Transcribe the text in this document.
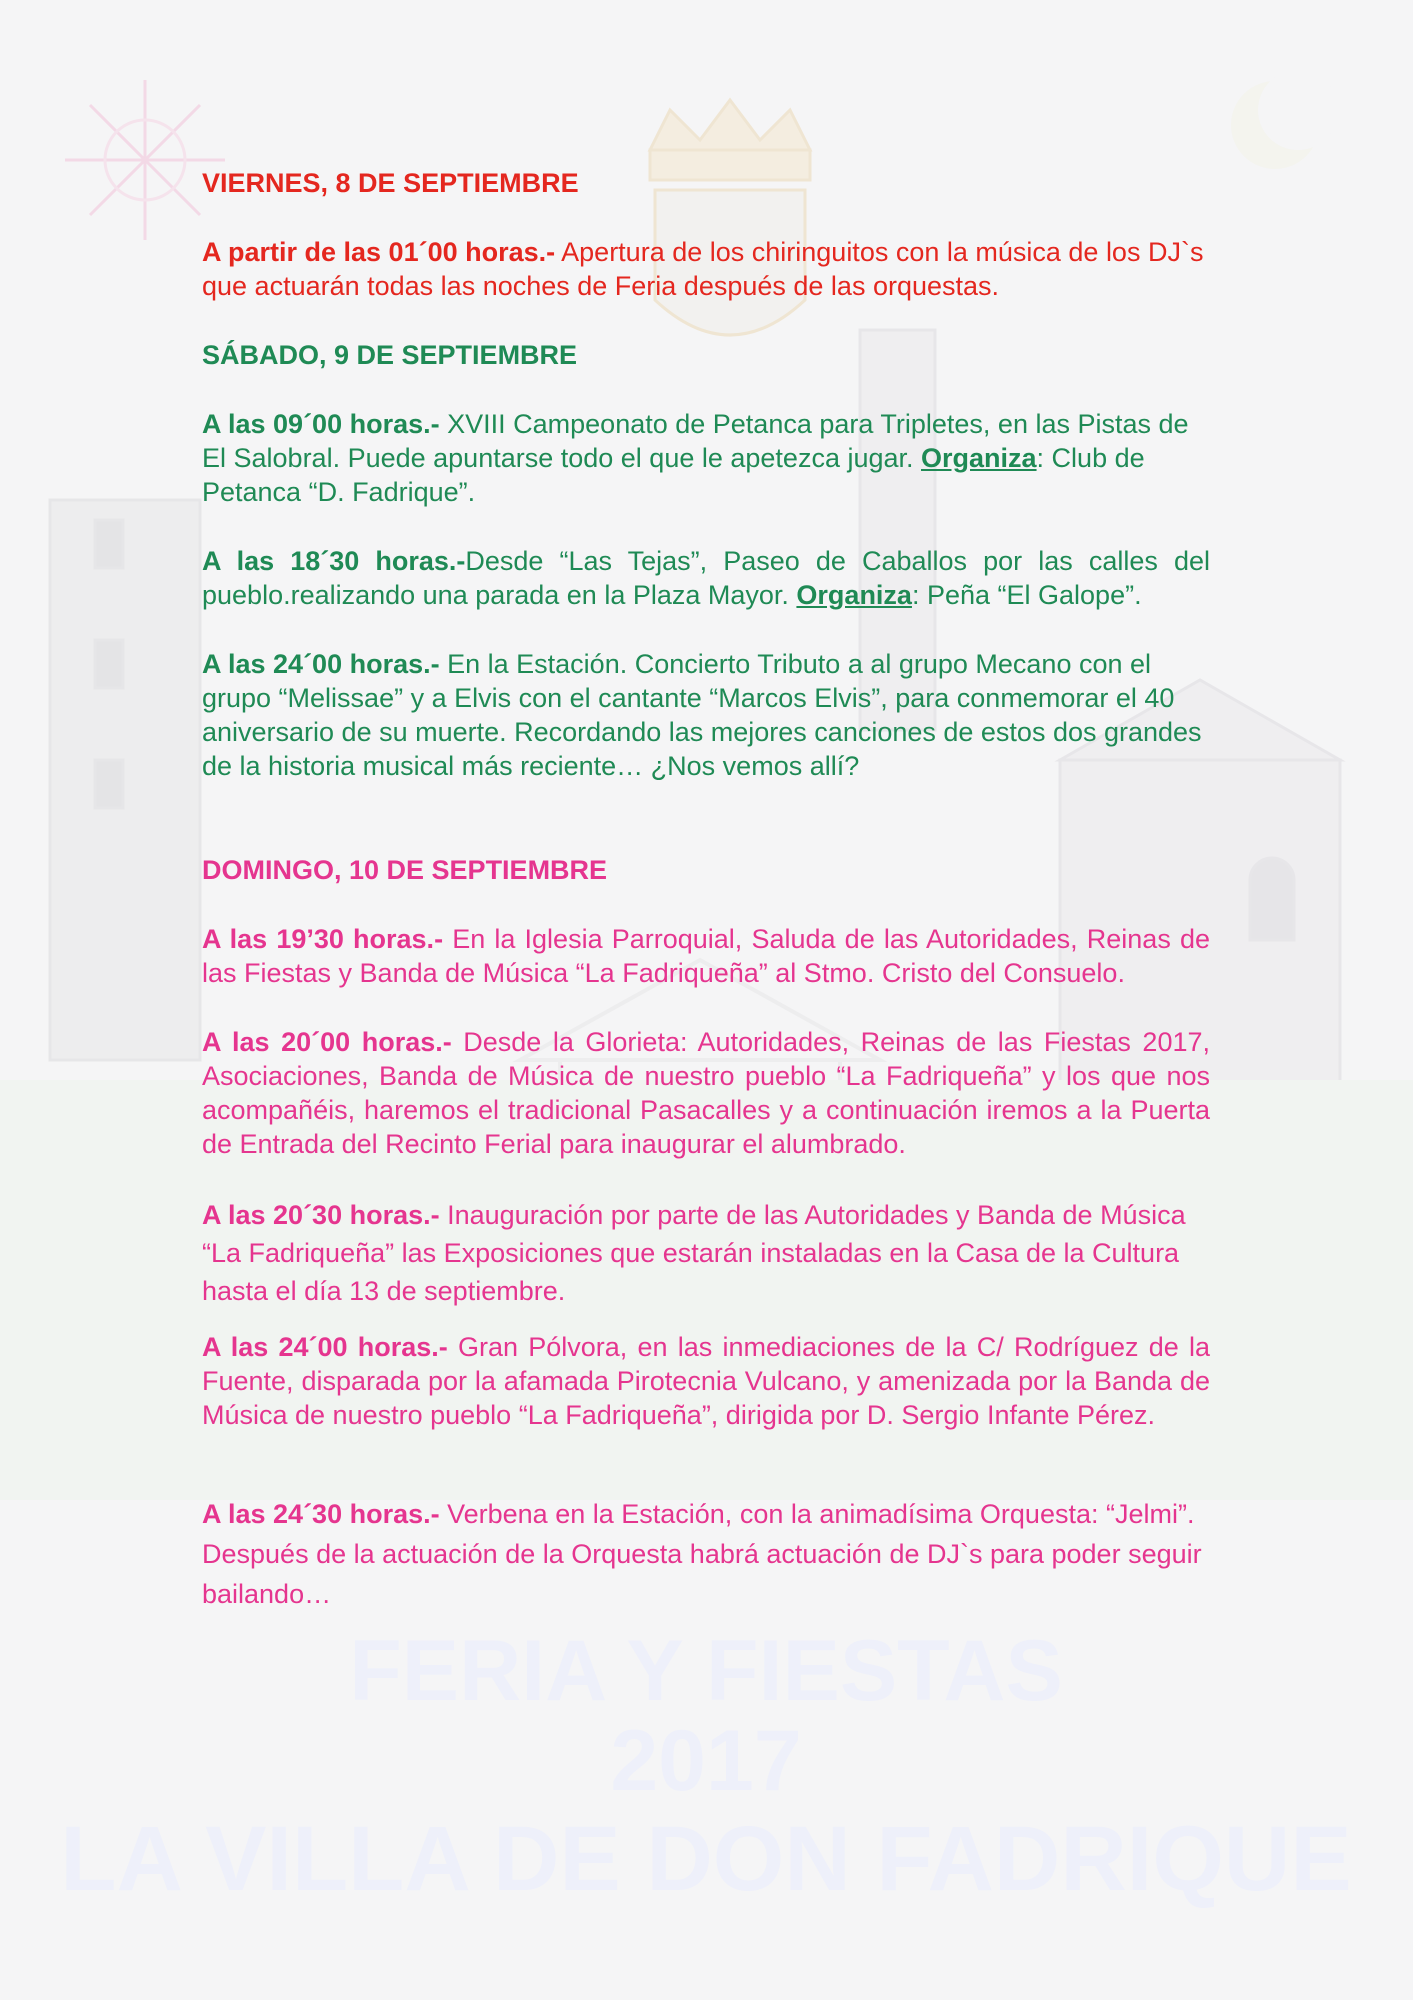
FERIA Y FIESTAS
2017
LA VILLA DE DON FADRIQUE

VIERNES, 8 DE SEPTIEMBRE

A partir de las 01´00 horas.- Apertura de los chiringuitos con la música de los DJ`s que actuarán todas las noches de Feria después de las orquestas.

SÁBADO, 9 DE SEPTIEMBRE

A las 09´00 horas.- XVIII Campeonato de Petanca para Tripletes, en las Pistas de El Salobral. Puede apuntarse todo el que le apetezca jugar. Organiza: Club de Petanca “D. Fadrique”.

A las 18´30 horas.-Desde “Las Tejas”, Paseo de Caballos por las calles del pueblo.realizando una parada en la Plaza Mayor. Organiza: Peña “El Galope”.

A las 24´00 horas.- En la Estación. Concierto Tributo a al grupo Mecano con el grupo “Melissae” y a Elvis con el cantante “Marcos Elvis”, para conmemorar el 40 aniversario de su muerte. Recordando las mejores canciones de estos dos grandes de la historia musical más reciente… ¿Nos vemos allí?

DOMINGO, 10 DE SEPTIEMBRE

A las 19’30 horas.- En la Iglesia Parroquial, Saluda de las Autoridades, Reinas de las Fiestas y Banda de Música “La Fadriqueña” al Stmo. Cristo del Consuelo.

A las 20´00 horas.- Desde la Glorieta: Autoridades, Reinas de las Fiestas 2017, Asociaciones, Banda de Música de nuestro pueblo “La Fadriqueña” y los que nos acompañéis, haremos el tradicional Pasacalles y a continuación iremos a la Puerta de Entrada del Recinto Ferial para inaugurar el alumbrado.

A las 20´30 horas.- Inauguración por parte de las Autoridades y Banda de Música “La Fadriqueña” las Exposiciones que estarán instaladas en la Casa de la Cultura hasta el día 13 de septiembre.

A las 24´00 horas.- Gran Pólvora, en las inmediaciones de la C/ Rodríguez de la Fuente, disparada por la afamada Pirotecnia Vulcano, y amenizada por la Banda de Música de nuestro pueblo “La Fadriqueña”, dirigida por D. Sergio Infante Pérez.

A las 24´30 horas.- Verbena en la Estación, con la animadísima Orquesta: “Jelmi”. Después de la actuación de la Orquesta habrá actuación de DJ`s para poder seguir bailando…
